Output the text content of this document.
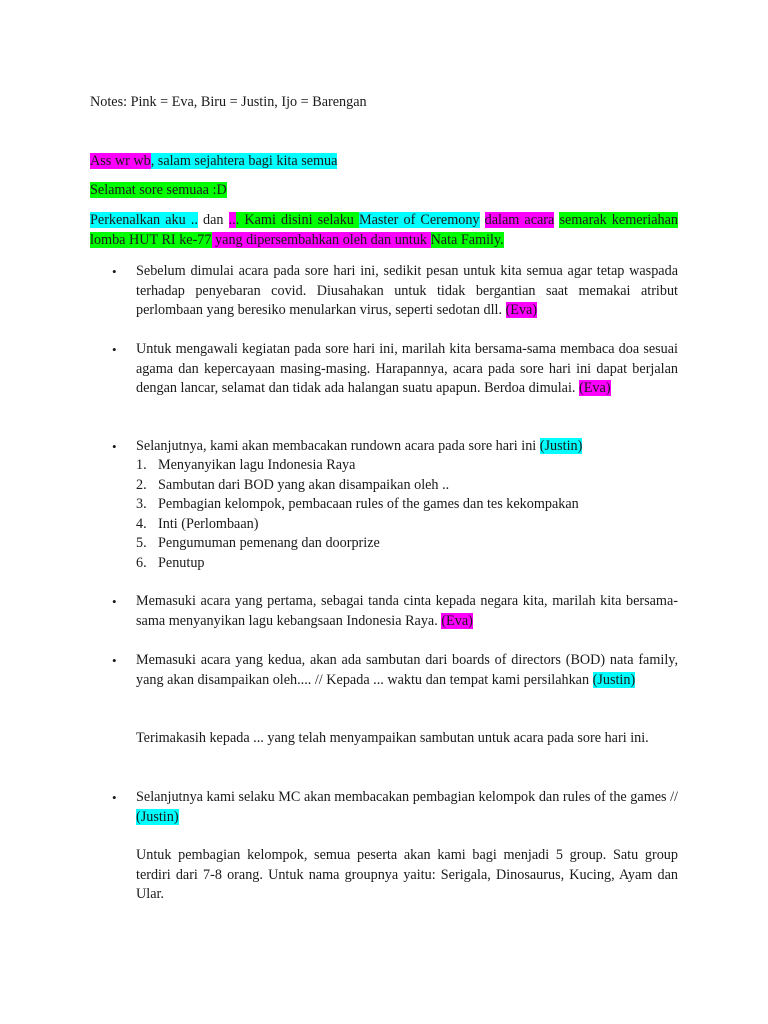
Notes: Pink = Eva, Biru = Justin, Ijo = Barengan

Ass wr wb, salam sejahtera bagi kita semua

Selamat sore semuaa :D

Perkenalkan aku .. dan ... Kami disini selaku Master of Ceremony dalam acara semarak kemeriahan lomba HUT RI ke-77 yang dipersembahkan oleh dan untuk Nata Family.

• Sebelum dimulai acara pada sore hari ini, sedikit pesan untuk kita semua agar tetap waspada terhadap penyebaran covid. Diusahakan untuk tidak bergantian saat memakai atribut perlombaan yang beresiko menularkan virus, seperti sedotan dll. (Eva)

• Untuk mengawali kegiatan pada sore hari ini, marilah kita bersama-sama membaca doa sesuai agama dan kepercayaan masing-masing. Harapannya, acara pada sore hari ini dapat berjalan dengan lancar, selamat dan tidak ada halangan suatu apapun. Berdoa dimulai. (Eva)

• Selanjutnya, kami akan membacakan rundown acara pada sore hari ini (Justin)

1. Menyanyikan lagu Indonesia Raya
2. Sambutan dari BOD yang akan disampaikan oleh ..
3. Pembagian kelompok, pembacaan rules of the games dan tes kekompakan
4. Inti (Perlombaan)
5. Pengumuman pemenang dan doorprize
6. Penutup

• Memasuki acara yang pertama, sebagai tanda cinta kepada negara kita, marilah kita bersama-sama menyanyikan lagu kebangsaan Indonesia Raya. (Eva)

• Memasuki acara yang kedua, akan ada sambutan dari boards of directors (BOD) nata family, yang akan disampaikan oleh.... // Kepada ... waktu dan tempat kami persilahkan (Justin)

Terimakasih kepada ... yang telah menyampaikan sambutan untuk acara pada sore hari ini.

• Selanjutnya kami selaku MC akan membacakan pembagian kelompok dan rules of the games // (Justin)

Untuk pembagian kelompok, semua peserta akan kami bagi menjadi 5 group. Satu group terdiri dari 7-8 orang. Untuk nama groupnya yaitu: Serigala, Dinosaurus, Kucing, Ayam dan Ular.
